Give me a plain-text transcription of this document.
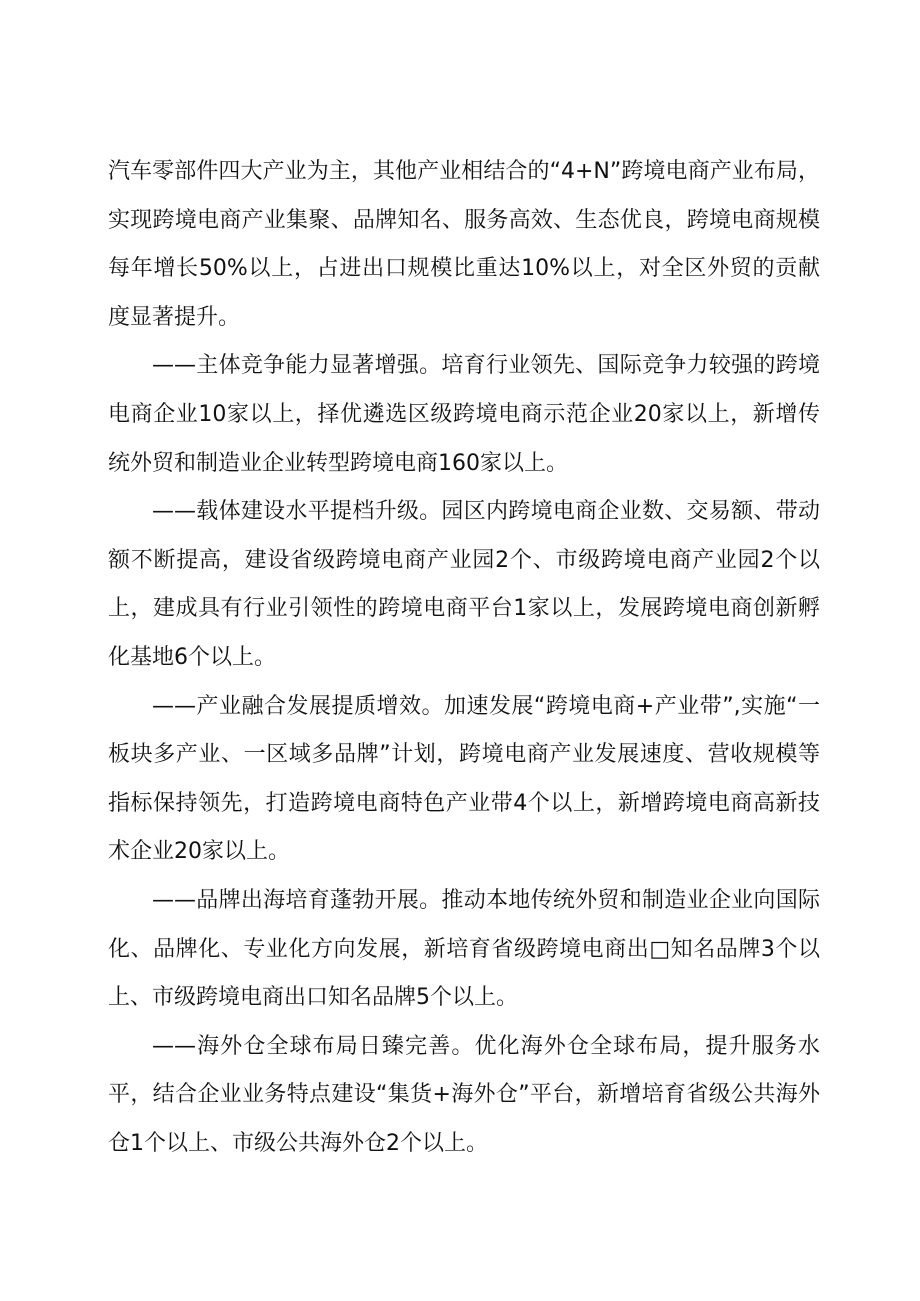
汽车零部件四大产业为主，其他产业相结合的“4+N”跨境电商产业布局，实现跨境电商产业集聚、品牌知名、服务高效、生态优良，跨境电商规模每年增长50%以上，占进出口规模比重达10%以上，对全区外贸的贡献度显著提升。

——主体竞争能力显著增强。培育行业领先、国际竞争力较强的跨境电商企业10家以上，择优遴选区级跨境电商示范企业20家以上，新增传统外贸和制造业企业转型跨境电商160家以上。

——载体建设水平提档升级。园区内跨境电商企业数、交易额、带动额不断提高，建设省级跨境电商产业园2个、市级跨境电商产业园2个以上，建成具有行业引领性的跨境电商平台1家以上，发展跨境电商创新孵化基地6个以上。

——产业融合发展提质增效。加速发展“跨境电商+产业带”,实施“一板块多产业、一区域多品牌”计划，跨境电商产业发展速度、营收规模等指标保持领先，打造跨境电商特色产业带4个以上，新增跨境电商高新技术企业20家以上。

——品牌出海培育蓬勃开展。推动本地传统外贸和制造业企业向国际化、品牌化、专业化方向发展，新培育省级跨境电商出□知名品牌3个以上、市级跨境电商出口知名品牌5个以上。

——海外仓全球布局日臻完善。优化海外仓全球布局，提升服务水平，结合企业业务特点建设“集货+海外仓”平台，新增培育省级公共海外仓1个以上、市级公共海外仓2个以上。
